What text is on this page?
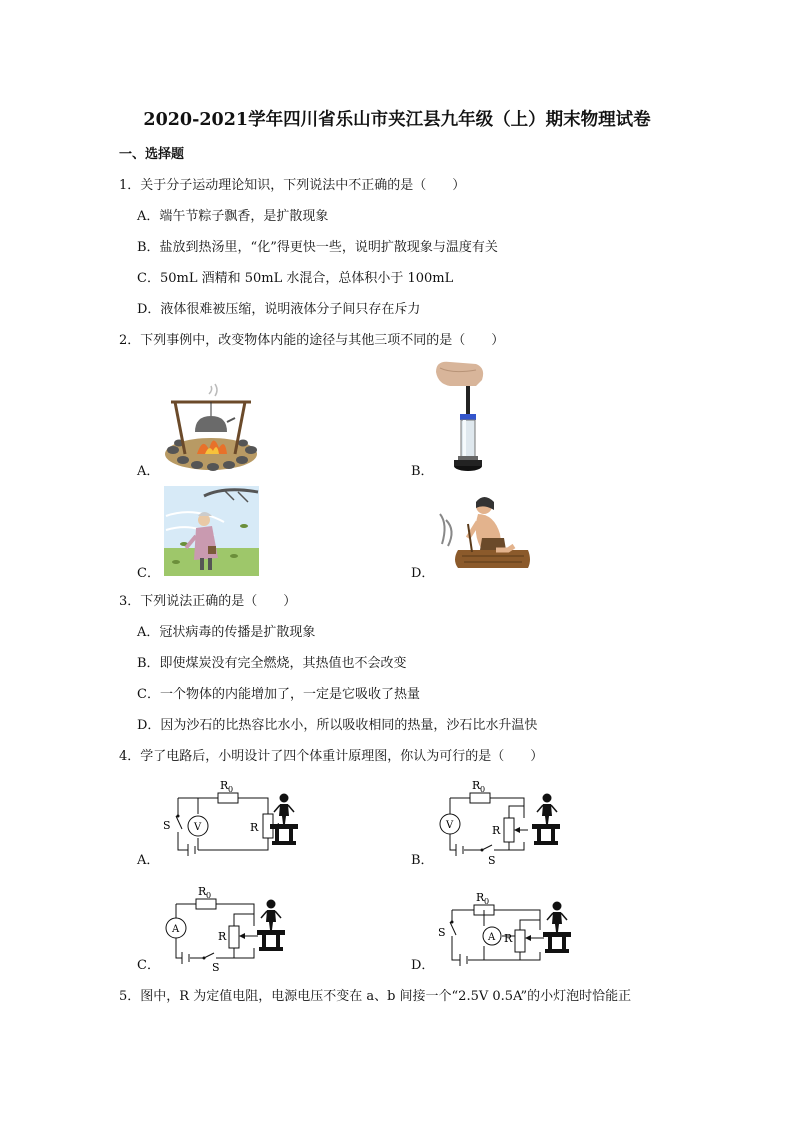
2020-2021学年四川省乐山市夹江县九年级（上）期末物理试卷
一、选择题
1．关于分子运动理论知识，下列说法中不正确的是（　　）
A．端午节粽子飘香，是扩散现象
B．盐放到热汤里，“化”得更快一些，说明扩散现象与温度有关
C．50mL 酒精和 50mL 水混合，总体积小于 100mL
D．液体很难被压缩，说明液体分子间只存在斥力
2．下列事例中，改变物体内能的途径与其他三项不同的是（　　）
A．	B．
C．	D．
3．下列说法正确的是（　　）
A．冠状病毒的传播是扩散现象
B．即使煤炭没有完全燃烧，其热值也不会改变
C．一个物体的内能增加了，一定是它吸收了热量
D．因为沙石的比热容比水小，所以吸收相同的热量，沙石比水升温快
4．学了电路后，小明设计了四个体重计原理图，你认为可行的是（　　）
A．
R 0
S V	R
B．
R 0
S
V	R
C．
R 0
S
A
R
D．
R 0
S	A R
5．图中，R 为定值电阻，电源电压不变在 a、b 间接一个“2.5V 0.5A”的小灯泡时恰能正
